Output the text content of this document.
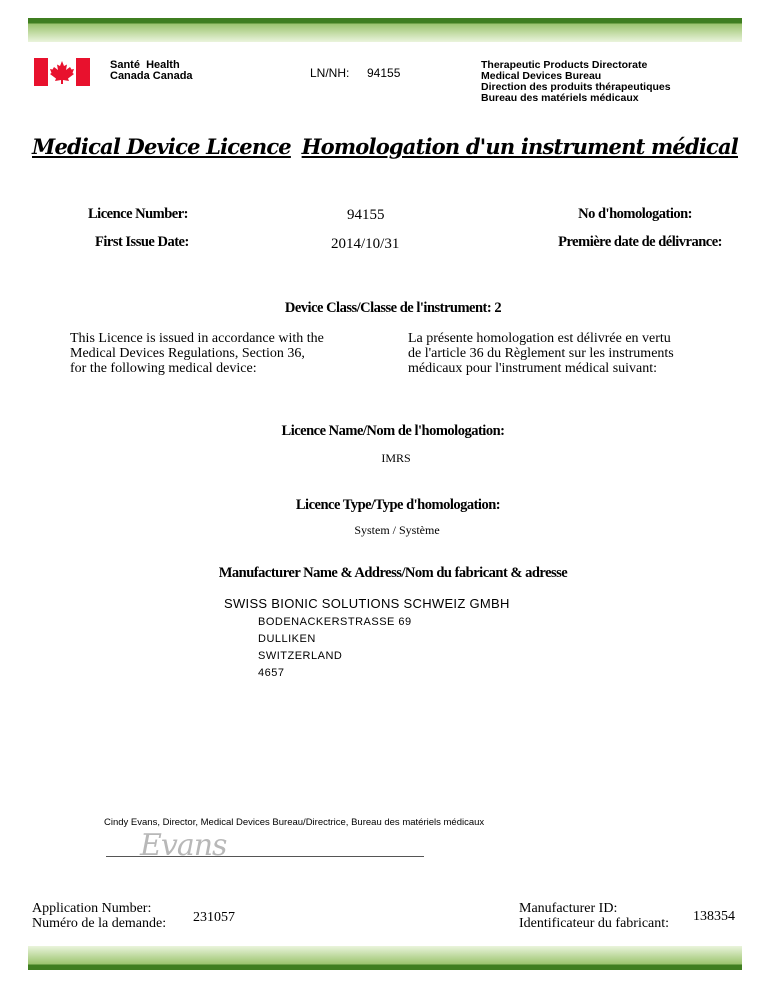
Santé  Health
Canada Canada	LN/NH: 94155
Therapeutic Products Directorate
Medical Devices Bureau
Direction des produits thérapeutiques
Bureau des matériels médicaux
Medical Device Licence Homologation d'un instrument médical
Licence Number:	94155	No d'homologation:
First Issue Date:	2014/10/31	Première date de délivrance:
Device Class/Classe de l'instrument: 2
This Licence is issued in accordance with the
Medical Devices Regulations, Section 36,
for the following medical device:
La présente homologation est délivrée en vertu
de l'article 36 du Règlement sur les instruments
médicaux pour l'instrument médical suivant:
Licence Name/Nom de l'homologation:
IMRS
Licence Type/Type d'homologation:
System / Système
Manufacturer Name & Address/Nom du fabricant & adresse
SWISS BIONIC SOLUTIONS SCHWEIZ GMBH
BODENACKERSTRASSE 69
DULLIKEN
SWITZERLAND
4657
Cindy Evans, Director, Medical Devices Bureau/Directrice, Bureau des matériels médicaux
Evans
Application Number:
Numéro de la demande: 231057
Manufacturer ID:
Identificateur du fabricant: 138354
